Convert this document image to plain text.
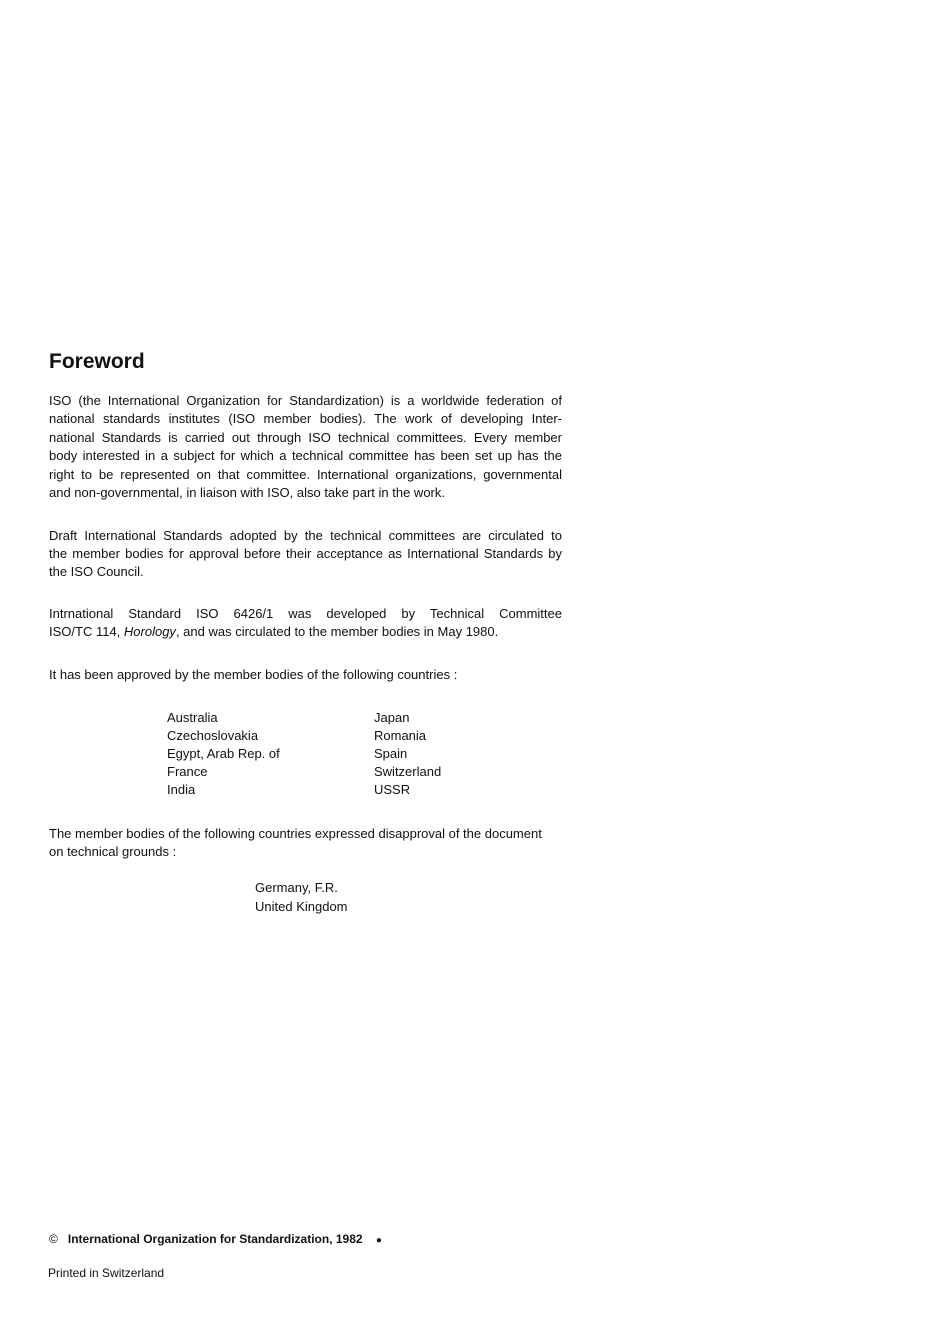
Foreword
ISO (the International Organization for Standardization) is a worldwide federation of
national standards institutes (ISO member bodies). The work of developing Inter-
national Standards is carried out through ISO technical committees. Every member
body interested in a subject for which a technical committee has been set up has the
right to be represented on that committee. International organizations, governmental
and non-governmental, in liaison with ISO, also take part in the work.
Draft International Standards adopted by the technical committees are circulated to
the member bodies for approval before their acceptance as International Standards by
the ISO Council.
Intrnational Standard ISO 6426/1 was developed by Technical Committee
ISO/TC 114, Horology, and was circulated to the member bodies in May 1980.
It has been approved by the member bodies of the following countries :
Australia
Czechoslovakia
Egypt, Arab Rep. of
France
India
Japan
Romania
Spain
Switzerland
USSR
The member bodies of the following countries expressed disapproval of the document
on technical grounds :
Germany, F.R.
United Kingdom
© International Organization for Standardization, 1982 ●
Printed in Switzerland
